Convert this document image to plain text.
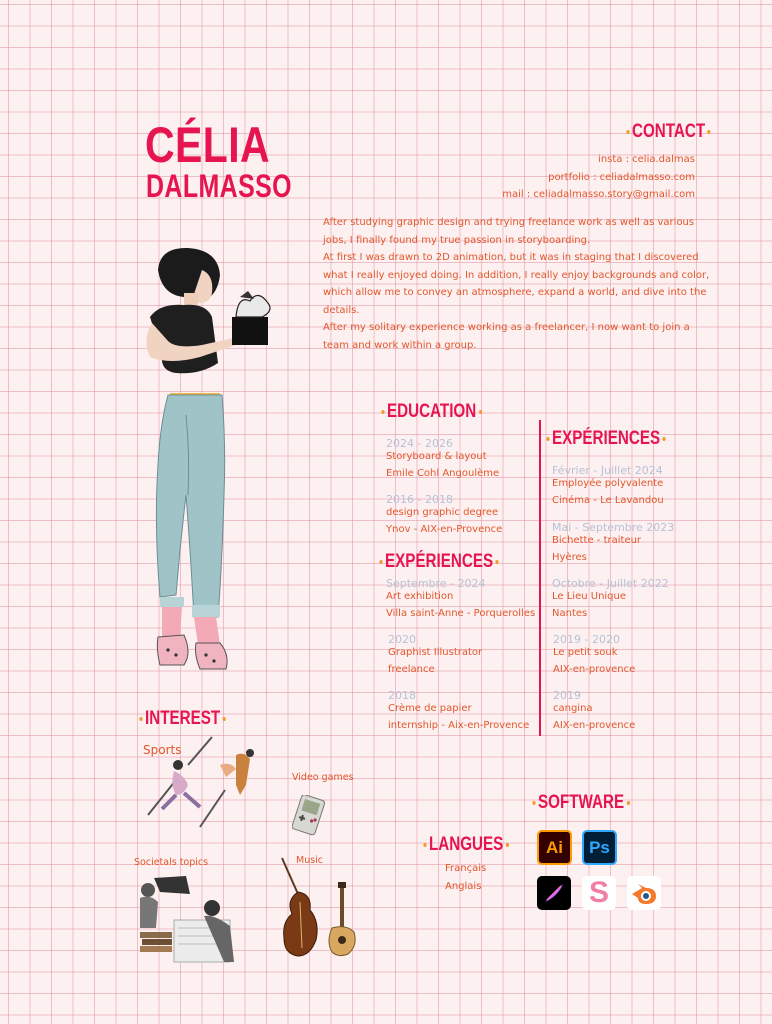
CÉLIA
DALMASSO
CONTACT
insta : celia.dalmas
portfolio : celiadalmasso.com
mail : celiadalmasso.story@gmail.com
After studying graphic design and trying freelance work as well as various
jobs, I finally found my true passion in storyboarding.
At first I was drawn to 2D animation, but it was in staging that I discovered
what I really enjoyed doing. In addition, I really enjoy backgrounds and color,
which allow me to convey an atmosphere, expand a world, and dive into the
details.
After my solitary experience working as a freelancer, I now want to join a
team and work within a group.
EDUCATION
2024 - 2026
Storyboard & layout
Emile Cohl Angoulème
2016 - 2018
design graphic degree
Ynov - AIX-en-Provence
EXPÉRIENCES
Septembre - 2024
Art exhibition
Villa saint-Anne - Porquerolles
2020
Graphist Illustrator
freelance
2018
Crème de papier
internship - Aix-en-Provence
EXPÉRIENCES
Février - Juillet 2024
Employée polyvalente
Cinéma - Le Lavandou
Mai - Septembre 2023
Bichette - traiteur
Hyères
Octobre - Juillet 2022
Le Lieu Unique
Nantes
2019 - 2020
Le petit souk
AIX-en-provence
2019
cangina
AIX-en-provence
INTEREST
Sports
Video games
Societals topics	Music
LANGUES
Français
Anglais
SOFTWARE
Ai	Ps
S
